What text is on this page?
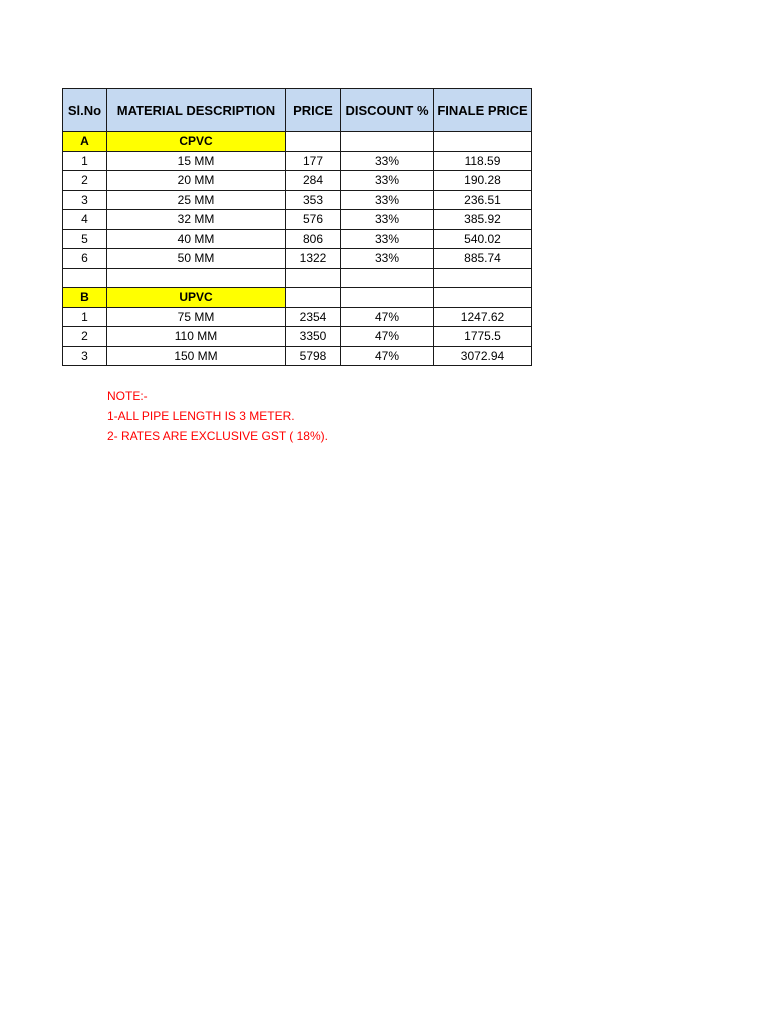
Sl.No	MATERIAL DESCRIPTION	PRICE	DISCOUNT %	FINALE PRICE
A	CPVC			
1	15 MM	177	33%	118.59
2	20 MM	284	33%	190.28
3	25 MM	353	33%	236.51
4	32 MM	576	33%	385.92
5	40 MM	806	33%	540.02
6	50 MM	1322	33%	885.74

B	UPVC			
1	75 MM	2354	47%	1247.62
2	110 MM	3350	47%	1775.5
3	150 MM	5798	47%	3072.94
NOTE:-
1-ALL PIPE LENGTH IS 3 METER.
2- RATES ARE EXCLUSIVE GST ( 18%).
